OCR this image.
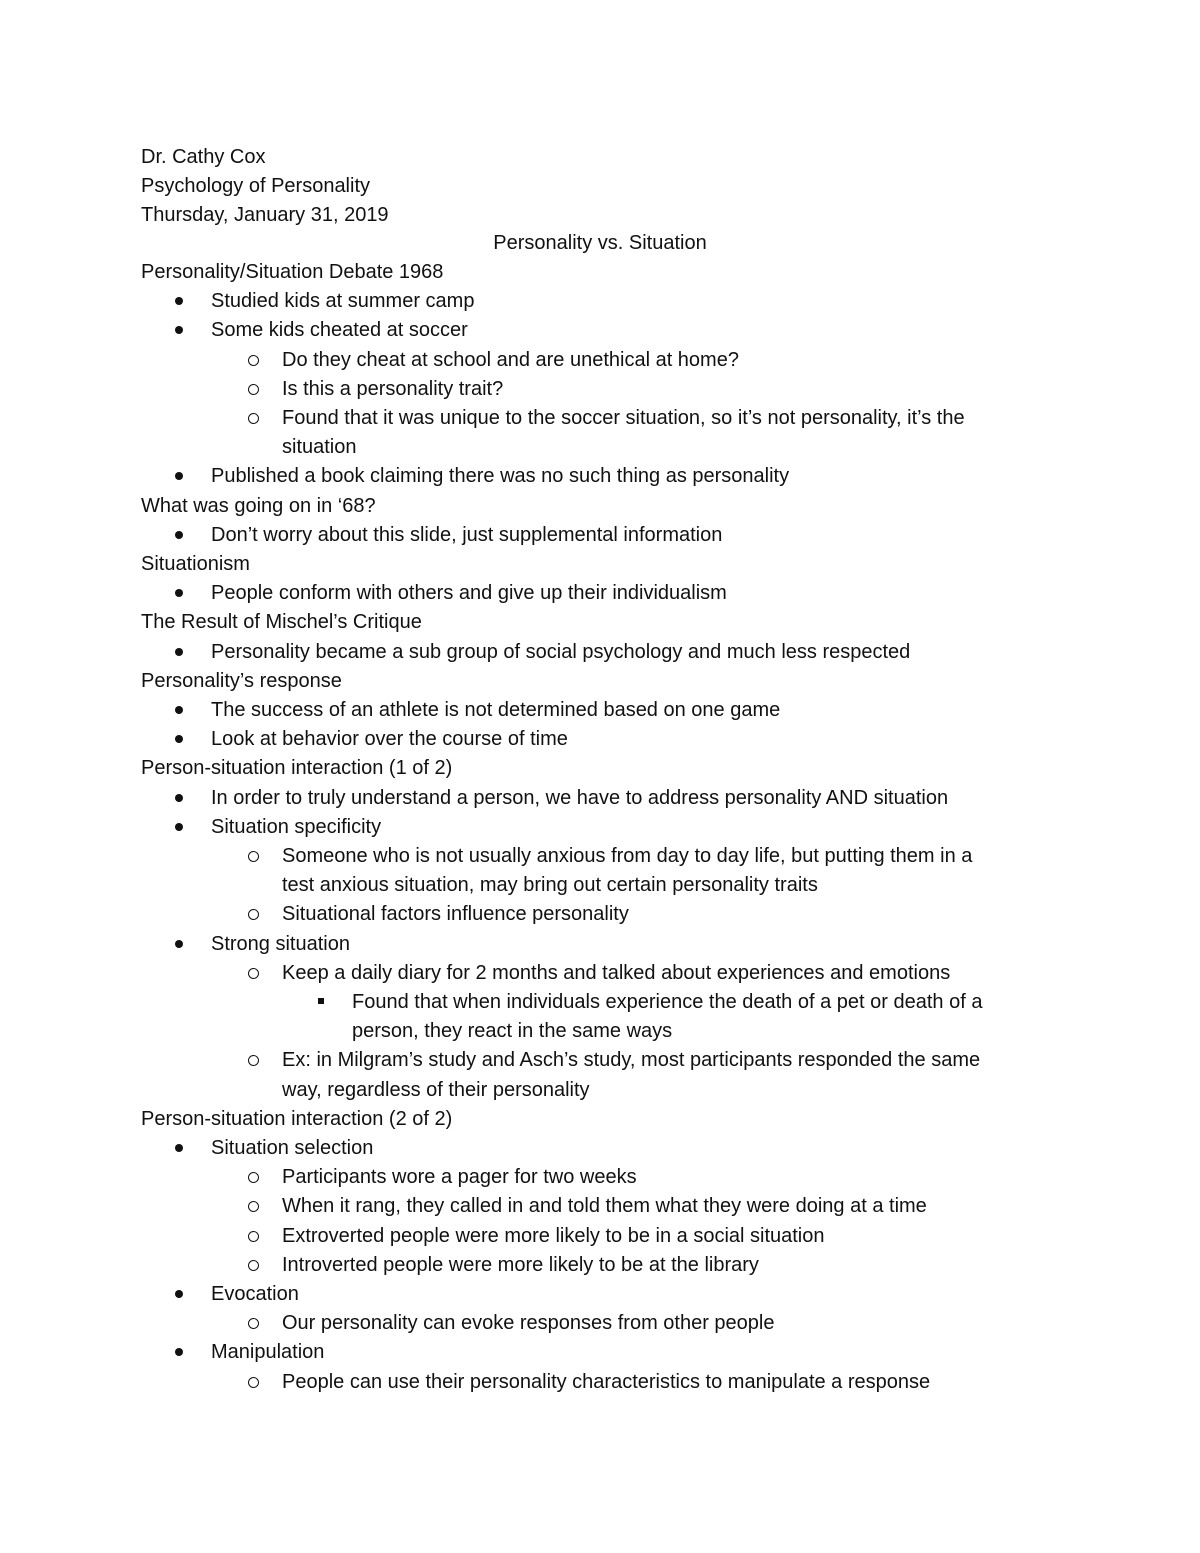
Dr. Cathy Cox
Psychology of Personality
Thursday, January 31, 2019
Personality vs. Situation
Personality/Situation Debate 1968
Studied kids at summer camp
Some kids cheated at soccer
Do they cheat at school and are unethical at home?
Is this a personality trait?
Found that it was unique to the soccer situation, so it’s not personality, it’s the
situation
Published a book claiming there was no such thing as personality
What was going on in ‘68?
Don’t worry about this slide, just supplemental information
Situationism
People conform with others and give up their individualism
The Result of Mischel’s Critique
Personality became a sub group of social psychology and much less respected
Personality’s response
The success of an athlete is not determined based on one game
Look at behavior over the course of time
Person-situation interaction (1 of 2)
In order to truly understand a person, we have to address personality AND situation
Situation specificity
Someone who is not usually anxious from day to day life, but putting them in a
test anxious situation, may bring out certain personality traits
Situational factors influence personality
Strong situation
Keep a daily diary for 2 months and talked about experiences and emotions
Found that when individuals experience the death of a pet or death of a
person, they react in the same ways
Ex: in Milgram’s study and Asch’s study, most participants responded the same
way, regardless of their personality
Person-situation interaction (2 of 2)
Situation selection
Participants wore a pager for two weeks
When it rang, they called in and told them what they were doing at a time
Extroverted people were more likely to be in a social situation
Introverted people were more likely to be at the library
Evocation
Our personality can evoke responses from other people
Manipulation
People can use their personality characteristics to manipulate a response
